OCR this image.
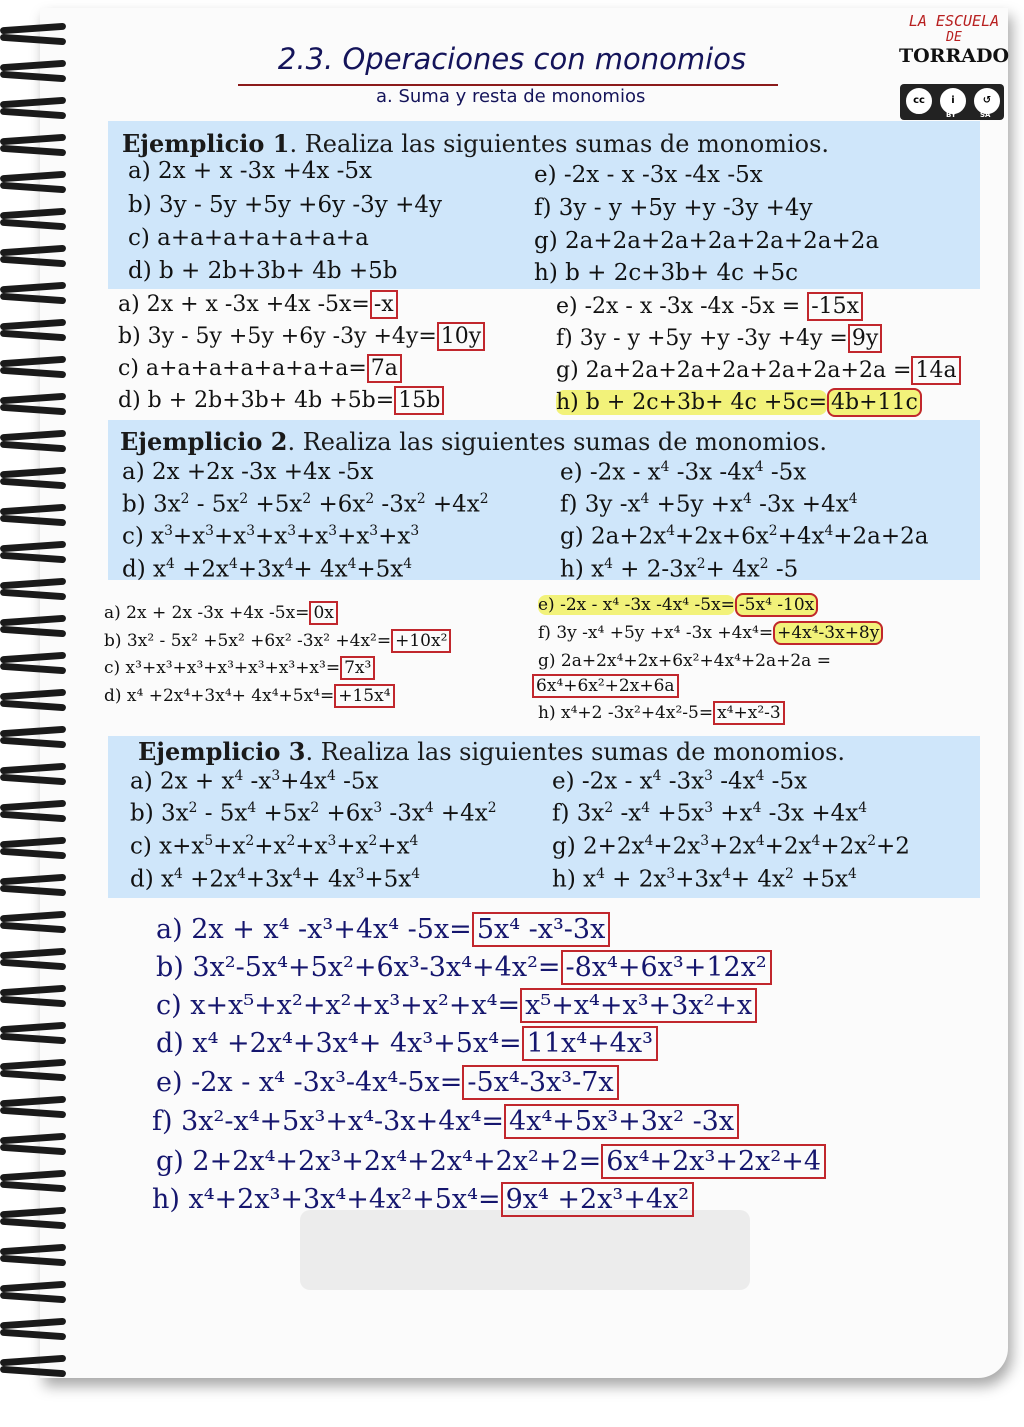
2.3. Operaciones con monomios
a. Suma y resta de monomios
LA ESCUELA
DE
TORRADO
cc	i	↺
BY	SA
Ejemplicio 1. Realiza las siguientes sumas de monomios.
a) 2x + x -3x +4x -5x
b) 3y - 5y +5y +6y -3y +4y
c) a+a+a+a+a+a+a
d) b + 2b+3b+ 4b +5b
e) -2x - x -3x -4x -5x
f) 3y - y +5y +y -3y +4y
g) 2a+2a+2a+2a+2a+2a+2a
h) b + 2c+3b+ 4c +5c
a) 2x + x -3x +4x -5x= -x
b) 3y - 5y +5y +6y -3y +4y= 10y
c) a+a+a+a+a+a+a= 7a
d) b + 2b+3b+ 4b +5b= 15b
e) -2x - x -3x -4x -5x = -15x
f) 3y - y +5y +y -3y +4y = 9y
g) 2a+2a+2a+2a+2a+2a+2a = 14a
h) b + 2c+3b+ 4c +5c= 4b+11c
Ejemplicio 2. Realiza las siguientes sumas de monomios.
a) 2x +2x -3x +4x -5x
b) $3x^2 - 5x^2 +5x^2 +6x^2$ $-3x^2 +4x^2$
c) $x^3+x^3+x^3+x^3+x^3+x^3+x^3$
d) $x^4 +2x^4+3x^4+ 4x^4+5x^4$
e) $-2x - x^4$ -3x $-4x^4$ -5x
f) 3y $-x^4 +5y +x^4$ $-3x +4x^4$
g) $2a+2x^4+2x+6x^2+4x^4+2a+2a$
h) $x^4 + 2-3x^2+ 4x^2$ -5
a) 2x + 2x -3x +4x -5x= 0x
b) 3x² - 5x² +5x² +6x² -3x² +4x²= +10x²
c) x³+x³+x³+x³+x³+x³+x³= 7x³
d) x⁴ +2x⁴+3x⁴+ 4x⁴+5x⁴= +15x⁴
e) -2x - x⁴ -3x -4x⁴ -5x= -5x⁴ -10x
f) 3y -x⁴ +5y +x⁴ -3x +4x⁴= +4x⁴-3x+8y
g) 2a+2x⁴+2x+6x²+4x⁴+2a+2a =
6x⁴+6x²+2x+6a
h) x⁴+2 -3x²+4x²-5= x⁴+x²-3
Ejemplicio 3. Realiza las siguientes sumas de monomios.
a) $2x + x^4$ $-x^3+4x^4$ -5x
b) $3x^2 - 5x^4 +5x^2 +6x^3$ $-3x^4 +4x^2$
c) $x+x^5+x^2+x^2+x^3+x^2+x^4$
d) $x^4 +2x^4+3x^4+ 4x^3+5x^4$
e) $-2x - x^4$ $-3x^3$ $-4x^4$ -5x
f) $3x^2$ $-x^4 +5x^3 +x^4$ $-3x +4x^4$
g) $2+2x^4+2x^3+2x^4+2x^4+2x^2+2$
h) $x^4 + 2x^3+3x^4+ 4x^2 +5x^4$
a) 2x + x⁴ -x³+4x⁴ -5x= 5x⁴ -x³-3x
b) 3x²-5x⁴+5x²+6x³-3x⁴+4x²= -8x⁴+6x³+12x²
c) x+x⁵+x²+x²+x³+x²+x⁴= x⁵+x⁴+x³+3x²+x
d) x⁴ +2x⁴+3x⁴+ 4x³+5x⁴= 11x⁴+4x³
e) -2x - x⁴ -3x³-4x⁴-5x= -5x⁴-3x³-7x
f) 3x²-x⁴+5x³+x⁴-3x+4x⁴= 4x⁴+5x³+3x² -3x
g) 2+2x⁴+2x³+2x⁴+2x⁴+2x²+2= 6x⁴+2x³+2x²+4
h) x⁴+2x³+3x⁴+4x²+5x⁴= 9x⁴ +2x³+4x²
